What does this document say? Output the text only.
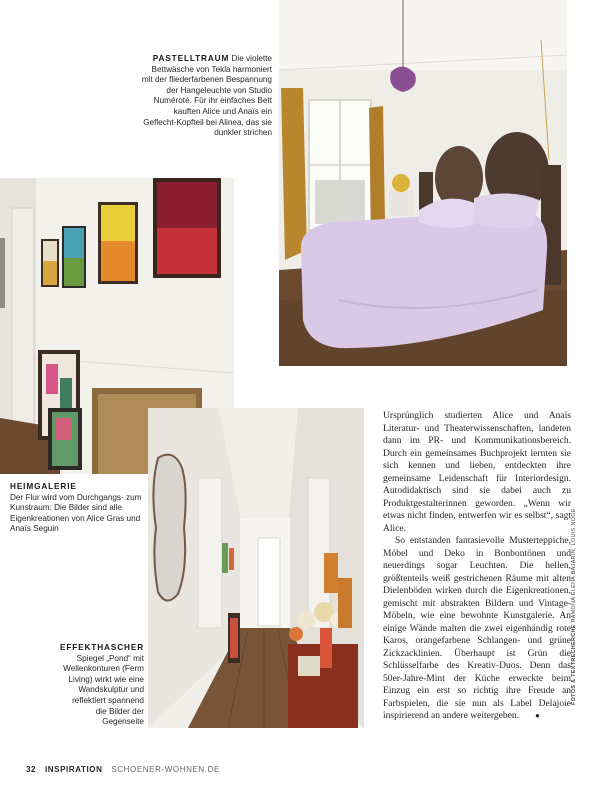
PASTELLTRAUM Die violette Bettwäsche von Tekla harmoniert mit der fliederfarbenen Bespannung der Hangeleuchte von Studio Numéroté. Für ihr einfaches Bett kauften Alice und Anaïs ein Geflecht-Kopfteil bei Alinea, das sie dunkler strichen
HEIMGALERIE
Der Flur wird vom Durchgangs- zum Kunstraum: Die Bilder sind alle Eigenkreationen von Alice Gras und Anaïs Seguin
EFFEKTHASCHER
Spiegel „Pond“ mit Wellenkonturen (Ferm Living) wirkt wie eine Wandskulptur und reflektiert spannend die Bilder der Gegenseite

Ursprünglich studierten Alice und Anaïs Literatur- und Theaterwissenschaften, landeten dann im PR- und Kommunikationsbereich. Durch ein gemeinsames Buchprojekt lernten sie sich kennen und lieben, entdeckten ihre gemeinsame Leidenschaft für Interiordesign. Autodidaktisch sind sie dabei auch zu Produktgestalterinnen geworden. „Wenn wir etwas nicht finden, entwerfen wir es selbst“, sagt Alice.

So entstanden fantasievolle Musterteppiche, Möbel und Deko in Bonbontönen und neuerdings sogar Leuchten. Die hellen, größtenteils weiß gestrichenen Räume mit alten Dielenböden wirken durch die Eigenkreationen, gemischt mit abstrakten Bildern und Vintage-Möbeln, wie eine bewohnte Kunstgalerie. An einige Wände malten die zwei eigenhändig rote Karos, orangefarbene Schlangen- und grüne Zickzacklinien. Überhaupt ist Grün die Schlüsselfarbe des Kreativ-Duos. Denn das 50er-Jahre-Mint der Küche erweckte beim Einzug ein erst so richtig ihre Freude an Farbspielen, die sie nun als Label Delajoie inspirierend an andere weitergeben. ●

FOTOS & TEXTRECHERCHE RAMONA ELENA BAJARIN, LOUIS NOGE
32 INSPIRATION SCHOENER-WOHNEN.DE
